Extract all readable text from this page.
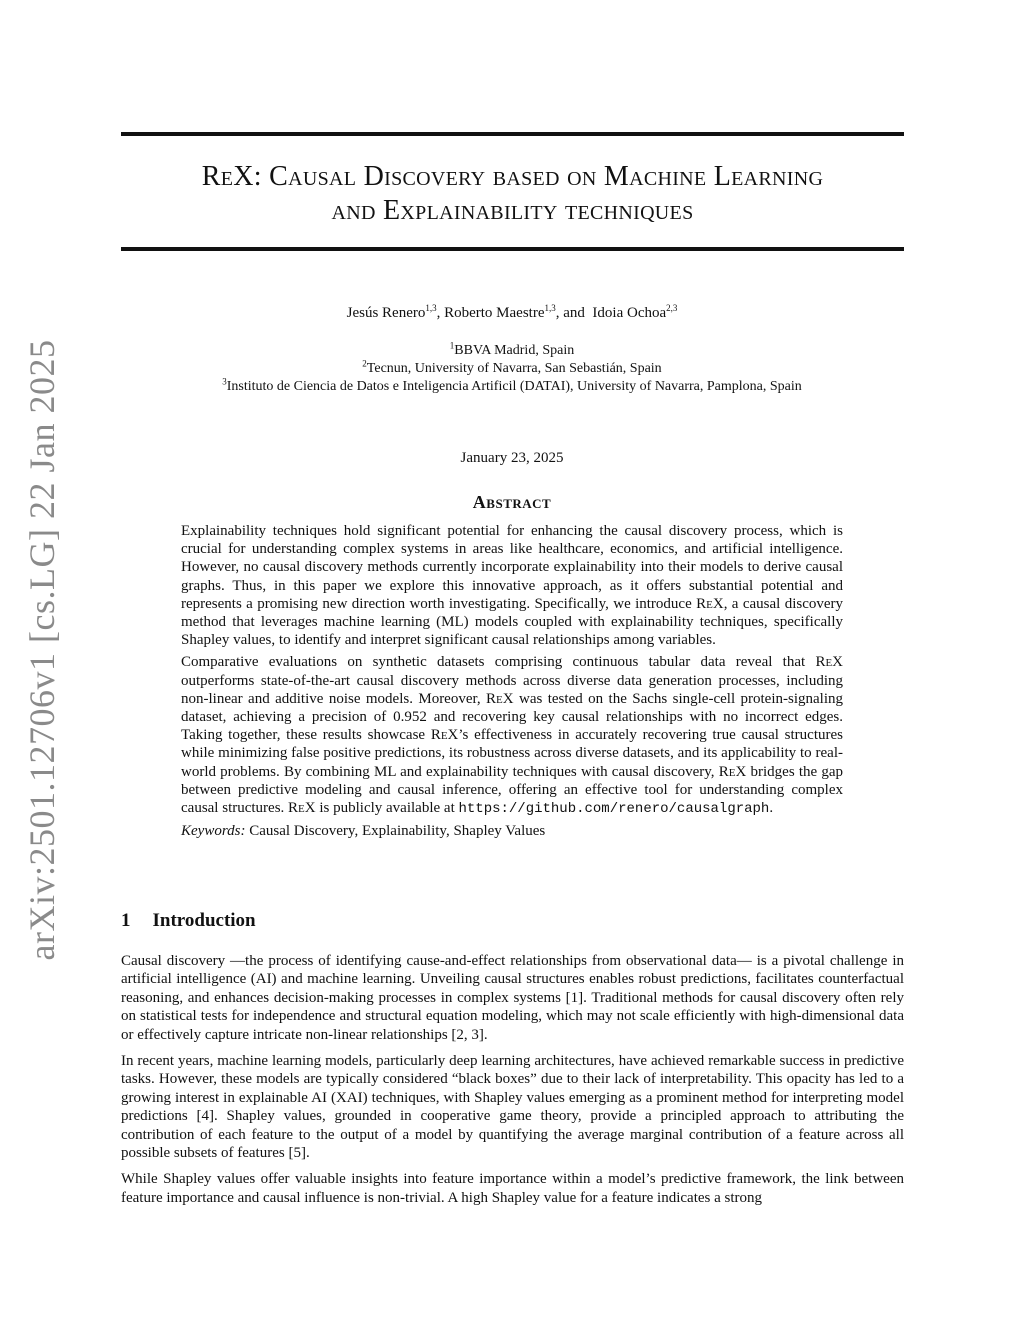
arXiv:2501.12706v1 [cs.LG] 22 Jan 2025
ReX: Causal Discovery based on Machine Learning
and Explainability techniques
Jesús Renero$^{1,3}$, Roberto Maestre$^{1,3}$, and  Idoia Ochoa$^{2,3}$
$^1$BBVA Madrid, Spain
$^2$Tecnun, University of Navarra, San Sebastián, Spain
$^3$Instituto de Ciencia de Datos e Inteligencia Artificil (DATAI), University of Navarra, Pamplona, Spain
January 23, 2025
Abstract

Explainability techniques hold significant potential for enhancing the causal discovery process, which is crucial for understanding complex systems in areas like healthcare, economics, and artificial intelligence. However, no causal discovery methods currently incorporate explainability into their models to derive causal graphs. Thus, in this paper we explore this innovative approach, as it offers substantial potential and represents a promising new direction worth investigating. Specifically, we introduce ReX, a causal discovery method that leverages machine learning (ML) models coupled with explainability techniques, specifically Shapley values, to identify and interpret significant causal relationships among variables.

Comparative evaluations on synthetic datasets comprising continuous tabular data reveal that ReX outperforms state-of-the-art causal discovery methods across diverse data generation processes, including non-linear and additive noise models. Moreover, ReX was tested on the Sachs single-cell protein-signaling dataset, achieving a precision of 0.952 and recovering key causal relationships with no incorrect edges. Taking together, these results showcase ReX’s effectiveness in accurately recovering true causal structures while minimizing false positive predictions, its robustness across diverse datasets, and its applicability to real-world problems. By combining ML and explainability techniques with causal discovery, ReX bridges the gap between predictive modeling and causal inference, offering an effective tool for understanding complex causal structures. ReX is publicly available at https://github.com/renero/causalgraph.

Keywords: Causal Discovery, Explainability, Shapley Values
1 Introduction

Causal discovery —the process of identifying cause-and-effect relationships from observational data— is a pivotal challenge in artificial intelligence (AI) and machine learning. Unveiling causal structures enables robust predictions, facilitates counterfactual reasoning, and enhances decision-making processes in complex systems [1]. Traditional methods for causal discovery often rely on statistical tests for independence and structural equation modeling, which may not scale efficiently with high-dimensional data or effectively capture intricate non-linear relationships [2, 3].

In recent years, machine learning models, particularly deep learning architectures, have achieved remarkable success in predictive tasks. However, these models are typically considered “black boxes” due to their lack of interpretability. This opacity has led to a growing interest in explainable AI (XAI) techniques, with Shapley values emerging as a prominent method for interpreting model predictions [4]. Shapley values, grounded in cooperative game theory, provide a principled approach to attributing the contribution of each feature to the output of a model by quantifying the average marginal contribution of a feature across all possible subsets of features [5].

While Shapley values offer valuable insights into feature importance within a model’s predictive framework, the link between feature importance and causal influence is non-trivial. A high Shapley value for a feature indicates a strong
